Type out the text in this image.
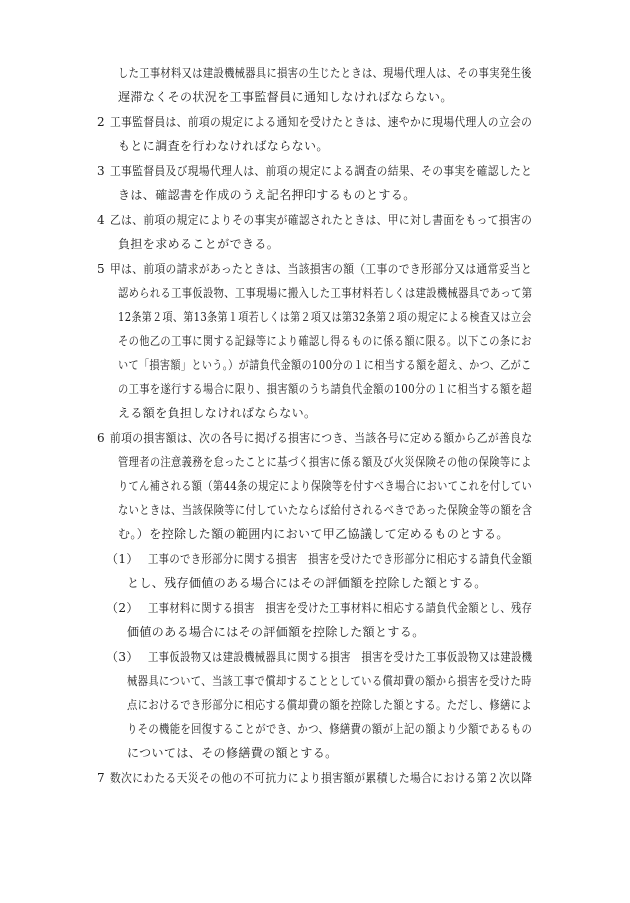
した工事材料又は建設機械器具に損害の生じたときは、現場代理人は、その事実発生後
遅滞なくその状況を工事監督員に通知しなければならない。
2 工事監督員は、前項の規定による通知を受けたときは、速やかに現場代理人の立会の
もとに調査を行わなければならない。
3 工事監督員及び現場代理人は、前項の規定による調査の結果、その事実を確認したと
きは、確認書を作成のうえ記名押印するものとする。
4 乙は、前項の規定によりその事実が確認されたときは、甲に対し書面をもって損害の
負担を求めることができる。
5 甲は、前項の請求があったときは、当該損害の額（工事のでき形部分又は通常妥当と
認められる工事仮設物、工事現場に搬入した工事材料若しくは建設機械器具であって第
12条第２項、第13条第１項若しくは第２項又は第32条第２項の規定による検査又は立会
その他乙の工事に関する記録等により確認し得るものに係る額に限る。以下この条にお
いて「損害額」という。）が請負代金額の100分の１に相当する額を超え、かつ、乙がこ
の工事を遂行する場合に限り、損害額のうち請負代金額の100分の１に相当する額を超
える額を負担しなければならない。
6 前項の損害額は、次の各号に掲げる損害につき、当該各号に定める額から乙が善良な
管理者の注意義務を怠ったことに基づく損害に係る額及び火災保険その他の保険等によ
りてん補される額（第44条の規定により保険等を付すべき場合においてこれを付してい
ないときは、当該保険等に付していたならば給付されるべきであった保険金等の額を含
む。）を控除した額の範囲内において甲乙協議して定めるものとする。
（1） 工事のでき形部分に関する損害　損害を受けたでき形部分に相応する請負代金額
とし、残存価値のある場合にはその評価額を控除した額とする。
（2） 工事材料に関する損害　損害を受けた工事材料に相応する請負代金額とし、残存
価値のある場合にはその評価額を控除した額とする。
（3） 工事仮設物又は建設機械器具に関する損害　損害を受けた工事仮設物又は建設機
械器具について、当該工事で償却することとしている償却費の額から損害を受けた時
点におけるでき形部分に相応する償却費の額を控除した額とする。ただし、修繕によ
りその機能を回復することができ、かつ、修繕費の額が上記の額より少額であるもの
については、その修繕費の額とする。
7 数次にわたる天災その他の不可抗力により損害額が累積した場合における第２次以降
